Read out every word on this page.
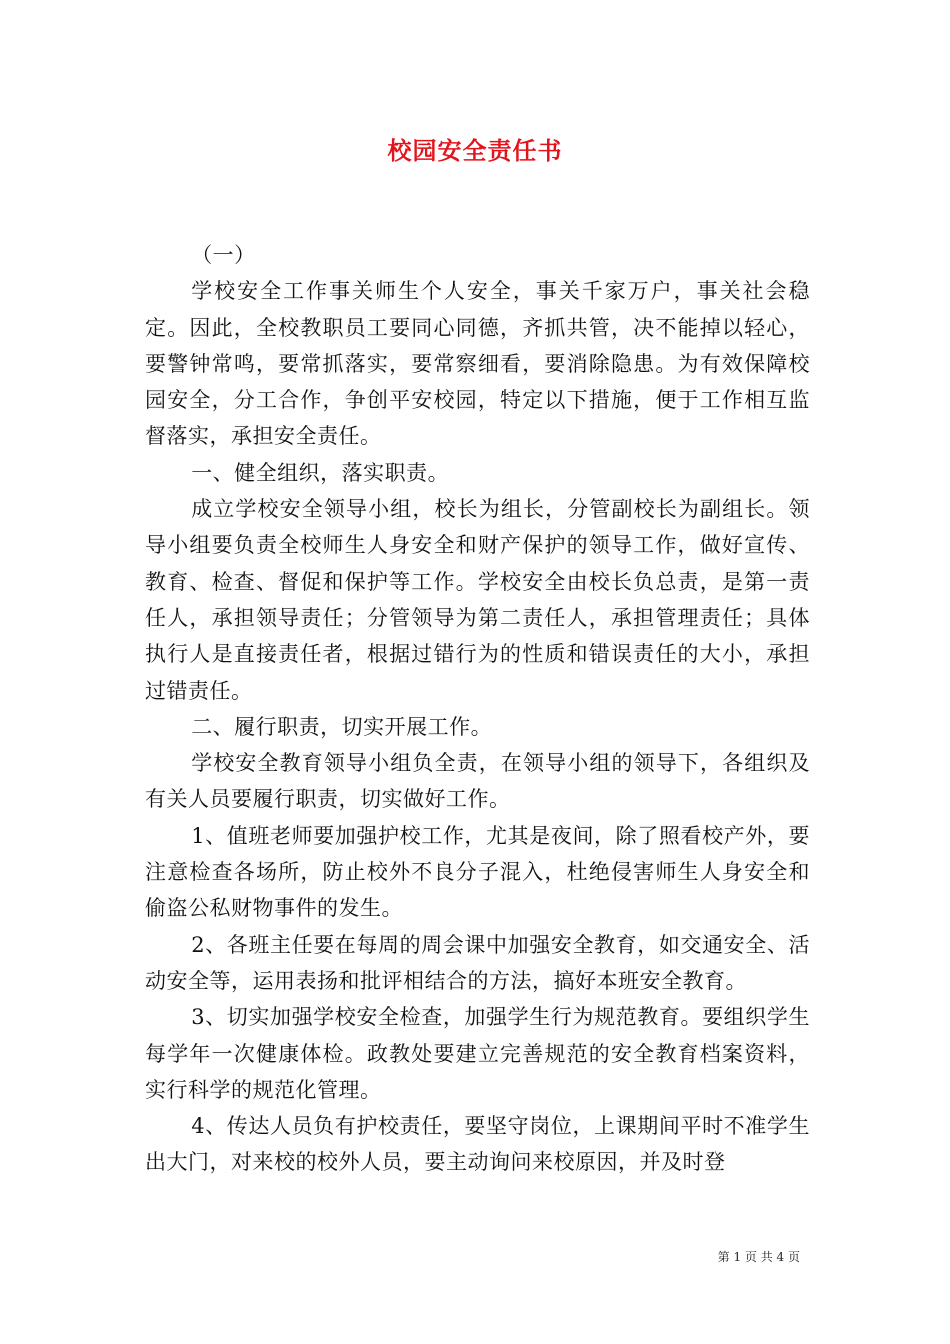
校园安全责任书

（一）

学校安全工作事关师生个人安全，事关千家万户，事关社会稳定。因此，全校教职员工要同心同德，齐抓共管，决不能掉以轻心，要警钟常鸣，要常抓落实，要常察细看，要消除隐患。为有效保障校园安全，分工合作，争创平安校园，特定以下措施，便于工作相互监督落实，承担安全责任。

一、健全组织，落实职责。

成立学校安全领导小组，校长为组长，分管副校长为副组长。领导小组要负责全校师生人身安全和财产保护的领导工作，做好宣传、教育、检查、督促和保护等工作。学校安全由校长负总责，是第一责任人，承担领导责任；分管领导为第二责任人，承担管理责任；具体执行人是直接责任者，根据过错行为的性质和错误责任的大小，承担过错责任。

二、履行职责，切实开展工作。

学校安全教育领导小组负全责，在领导小组的领导下，各组织及有关人员要履行职责，切实做好工作。

1、值班老师要加强护校工作，尤其是夜间，除了照看校产外，要注意检查各场所，防止校外不良分子混入，杜绝侵害师生人身安全和偷盗公私财物事件的发生。

2、各班主任要在每周的周会课中加强安全教育，如交通安全、活动安全等，运用表扬和批评相结合的方法，搞好本班安全教育。

3、切实加强学校安全检查，加强学生行为规范教育。要组织学生每学年一次健康体检。政教处要建立完善规范的安全教育档案资料，实行科学的规范化管理。

4、传达人员负有护校责任，要坚守岗位，上课期间平时不准学生出大门，对来校的校外人员，要主动询问来校原因，并及时登

第 1 页 共 4 页
